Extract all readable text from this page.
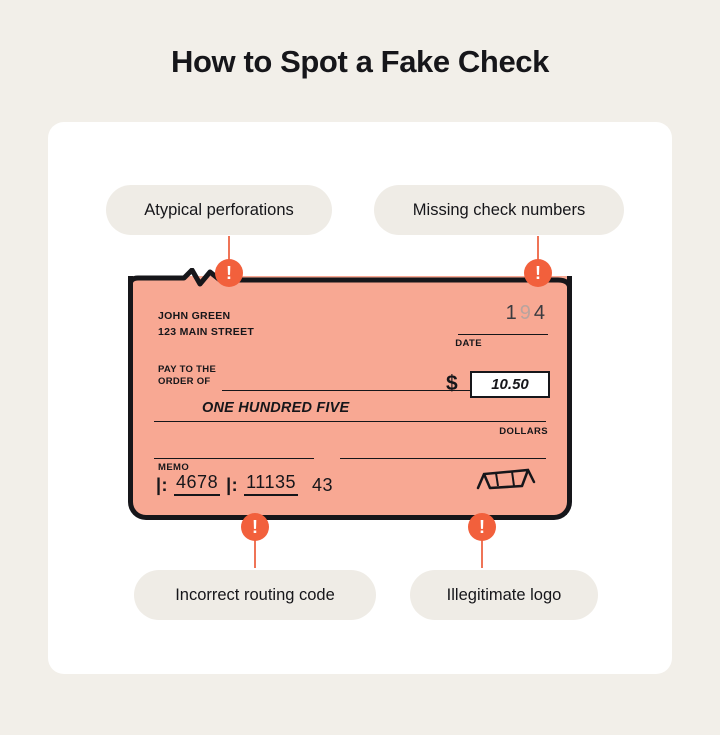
How to Spot a Fake Check
Atypical perforations	Missing check numbers
Incorrect routing code	Illegitimate logo
!	!
!	!
JOHN GREEN
123 MAIN STREET
194
DATE
PAY TO THE
ORDER OF	$ 10.50
ONE HUNDRED FIVE
DOLLARS
MEMO
|: 4678 |: 11135 43
